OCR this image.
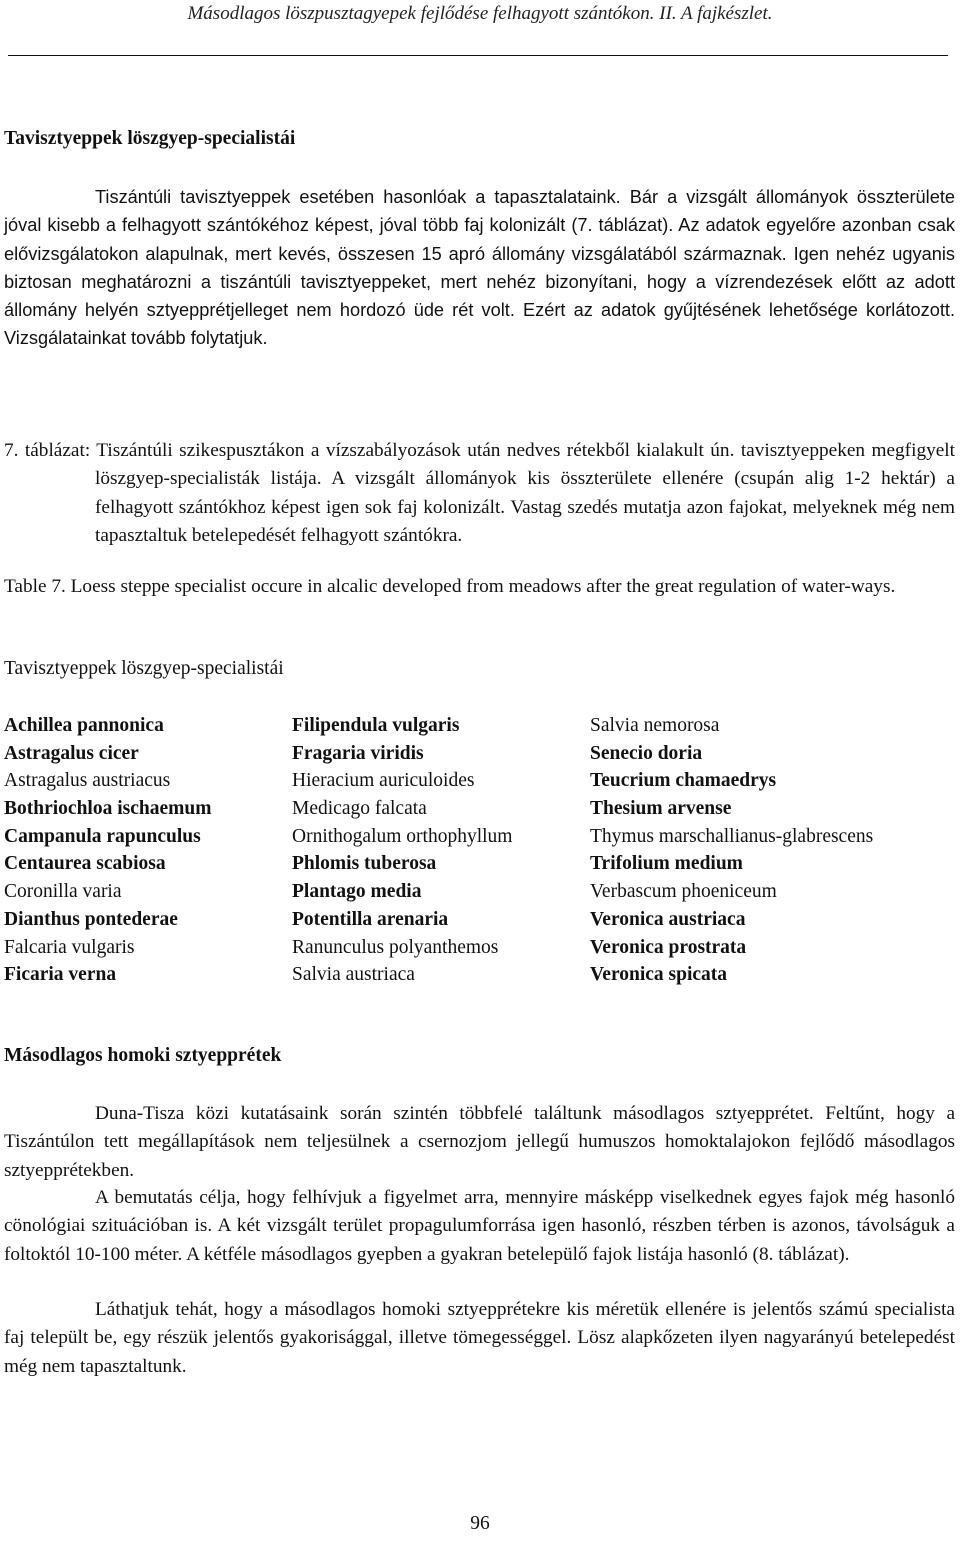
Másodlagos löszpusztagyepek fejlődése felhagyott szántókon. II. A fajkészlet.
Tavisztyeppek löszgyep-specialistái

Tiszántúli tavisztyeppek esetében hasonlóak a tapasztalataink. Bár a vizsgált állományok összterülete jóval kisebb a felhagyott szántókéhoz képest, jóval több faj kolonizált (7. táblázat). Az adatok egyelőre azonban csak elővizsgálatokon alapulnak, mert kevés, összesen 15 apró állomány vizsgálatából származnak. Igen nehéz ugyanis biztosan meghatározni a tiszántúli tavisztyeppeket, mert nehéz bizonyítani, hogy a vízrendezések előtt az adott állomány helyén sztyepprétjelleget nem hordozó üde rét volt. Ezért az adatok gyűjtésének lehetősége korlátozott. Vizsgálatainkat tovább folytatjuk.

7. táblázat: Tiszántúli szikespusztákon a vízszabályozások után nedves rétekből kialakult ún. tavisztyeppeken megfigyelt löszgyep-specialisták listája. A vizsgált állományok kis összterülete ellenére (csupán alig 1-2 hektár) a felhagyott szántókhoz képest igen sok faj kolonizált. Vastag szedés mutatja azon fajokat, melyeknek még nem tapasztaltuk betelepedését felhagyott szántókra.

Table 7. Loess steppe specialist occure in alcalic developed from meadows after the great regulation of water-ways.

Tavisztyeppek löszgyep-specialistái
Achillea pannonica
Astragalus cicer
Astragalus austriacus
Bothriochloa ischaemum
Campanula rapunculus
Centaurea scabiosa
Coronilla varia
Dianthus pontederae
Falcaria vulgaris
Ficaria verna
Filipendula vulgaris
Fragaria viridis
Hieracium auriculoides
Medicago falcata
Ornithogalum orthophyllum
Phlomis tuberosa
Plantago media
Potentilla arenaria
Ranunculus polyanthemos
Salvia austriaca
Salvia nemorosa
Senecio doria
Teucrium chamaedrys
Thesium arvense
Thymus marschallianus-glabrescens
Trifolium medium
Verbascum phoeniceum
Veronica austriaca
Veronica prostrata
Veronica spicata
Másodlagos homoki sztyepprétek

Duna-Tisza közi kutatásaink során szintén többfelé találtunk másodlagos sztyepprétet. Feltűnt, hogy a Tiszántúlon tett megállapítások nem teljesülnek a csernozjom jellegű humuszos homoktalajokon fejlődő másodlagos sztyepprétekben.

A bemutatás célja, hogy felhívjuk a figyelmet arra, mennyire másképp viselkednek egyes fajok még hasonló cönológiai szituációban is. A két vizsgált terület propagulumforrása igen hasonló, részben térben is azonos, távolságuk a foltoktól 10-100 méter. A kétféle másodlagos gyepben a gyakran betelepülő fajok listája hasonló (8. táblázat).

Láthatjuk tehát, hogy a másodlagos homoki sztyepprétekre kis méretük ellenére is jelentős számú specialista faj települt be, egy részük jelentős gyakorisággal, illetve tömegességgel. Lösz alapkőzeten ilyen nagyarányú betelepedést még nem tapasztaltunk.

96
